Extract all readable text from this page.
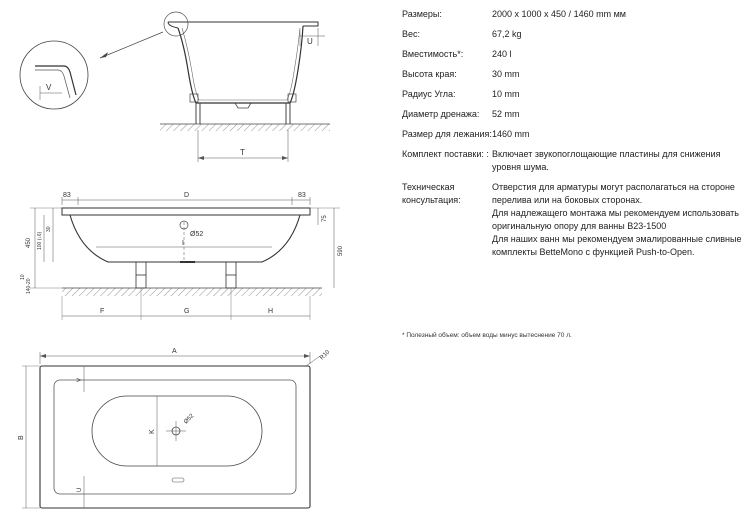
U
T
V
83	D	83
Ø52
I
450 100 (↓6)
30
10
140-20
75
590
F	G	H
A	R10
Ø52
K
B
V
U
Размеры:	2000 x 1000 x 450 / 1460 mm мм

Вес:	67,2 kg

Вместимость*:	240 l

Высота края:	30 mm

Радиус Угла:	10 mm

Диаметр дренажа:	52 mm

Размер для лежания: 1460 mm

Комплект поставки: : Включает звукопоглощающие пластины для снижения уровня шума.

Техническая консультация:

Отверстия для арматуры могут располагаться на стороне перелива или на боковых сторонах.

Для надлежащего монтажа мы рекомендуем использовать оригинальную опору для ванны B23-1500

Для наших ванн мы рекомендуем эмалированные сливные комплекты BetteMono с функцией Push-to-Open.

* Полезный объем: объем воды минус вытеснение 70 л.
